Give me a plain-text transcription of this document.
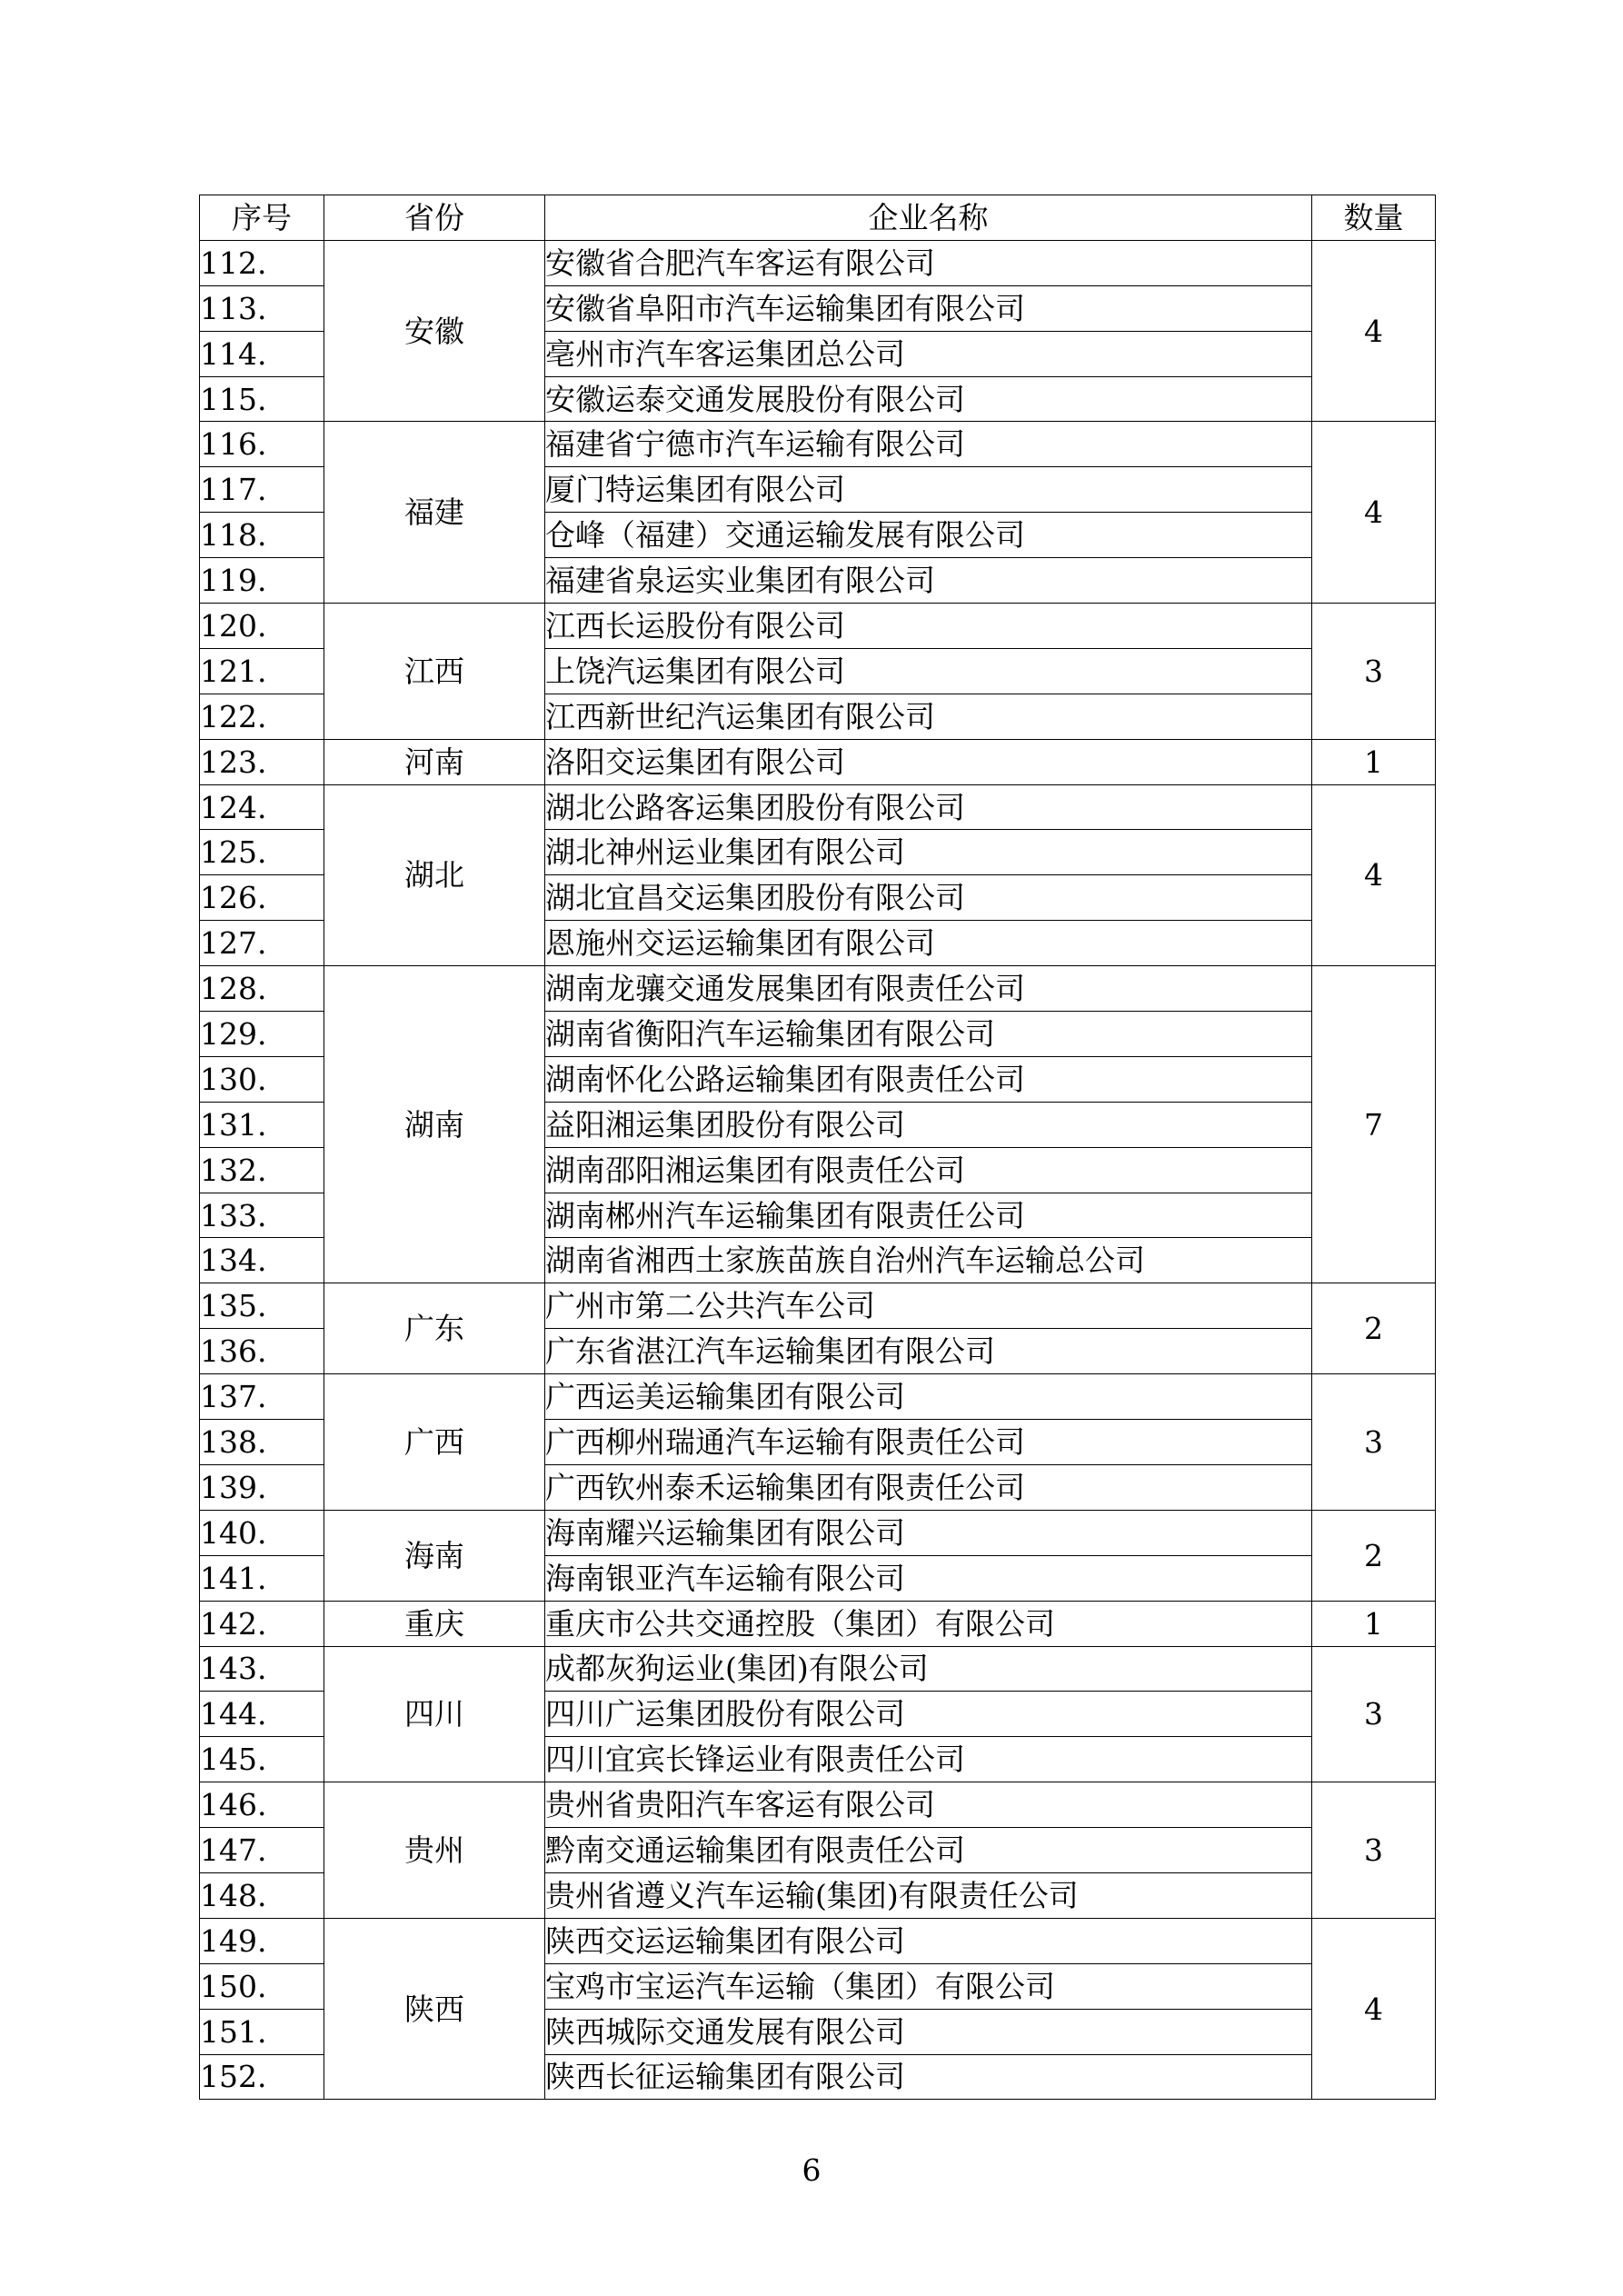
序号	省份	企业名称	数量
112.	安徽	安徽省合肥汽车客运有限公司	4
113.		安徽省阜阳市汽车运输集团有限公司	
114.		亳州市汽车客运集团总公司	
115.		安徽运泰交通发展股份有限公司	
116.	福建	福建省宁德市汽车运输有限公司	4
117.		厦门特运集团有限公司	
118.		仓峰（福建）交通运输发展有限公司	
119.		福建省泉运实业集团有限公司	
120.	江西	江西长运股份有限公司	3
121.		上饶汽运集团有限公司	
122.		江西新世纪汽运集团有限公司	
123.	河南	洛阳交运集团有限公司	1
124.	湖北	湖北公路客运集团股份有限公司	4
125.		湖北神州运业集团有限公司	
126.		湖北宜昌交运集团股份有限公司	
127.		恩施州交运运输集团有限公司	
128.	湖南	湖南龙骧交通发展集团有限责任公司	7
129.		湖南省衡阳汽车运输集团有限公司	
130.		湖南怀化公路运输集团有限责任公司	
131.		益阳湘运集团股份有限公司	
132.		湖南邵阳湘运集团有限责任公司	
133.		湖南郴州汽车运输集团有限责任公司	
134.		湖南省湘西土家族苗族自治州汽车运输总公司	
135.	广东	广州市第二公共汽车公司	2
136.		广东省湛江汽车运输集团有限公司	
137.	广西	广西运美运输集团有限公司	3
138.		广西柳州瑞通汽车运输有限责任公司	
139.		广西钦州泰禾运输集团有限责任公司	
140.	海南	海南耀兴运输集团有限公司	2
141.		海南银亚汽车运输有限公司	
142.	重庆	重庆市公共交通控股（集团）有限公司	1
143.	四川	成都灰狗运业(集团)有限公司	3
144.		四川广运集团股份有限公司	
145.		四川宜宾长锋运业有限责任公司	
146.	贵州	贵州省贵阳汽车客运有限公司	3
147.		黔南交通运输集团有限责任公司	
148.		贵州省遵义汽车运输(集团)有限责任公司	
149.	陕西	陕西交运运输集团有限公司	4
150.		宝鸡市宝运汽车运输（集团）有限公司	
151.		陕西城际交通发展有限公司	
152.		陕西长征运输集团有限公司	
6
